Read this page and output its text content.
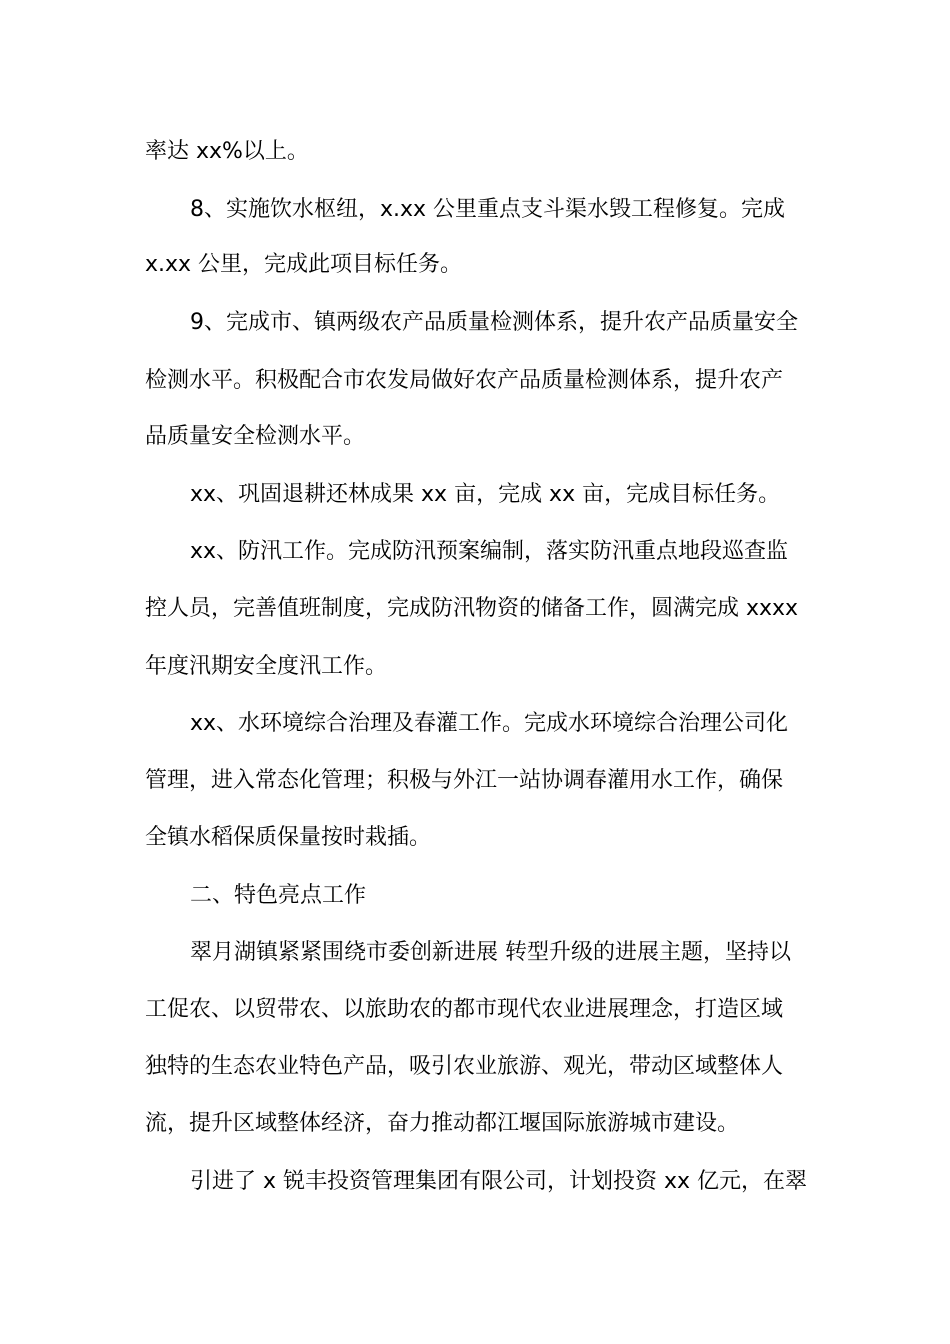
率达 xx%以上。
8、实施饮水枢纽，x.xx 公里重点支斗渠水毁工程修复。完成
x.xx 公里，完成此项目标任务。
9、完成市、镇两级农产品质量检测体系，提升农产品质量安全
检测水平。积极配合市农发局做好农产品质量检测体系，提升农产
品质量安全检测水平。
xx、巩固退耕还林成果 xx 亩，完成 xx 亩，完成目标任务。
xx、防汛工作。完成防汛预案编制，落实防汛重点地段巡查监
控人员，完善值班制度，完成防汛物资的储备工作，圆满完成 xxxx
年度汛期安全度汛工作。
xx、水环境综合治理及春灌工作。完成水环境综合治理公司化
管理，进入常态化管理；积极与外江一站协调春灌用水工作，确保
全镇水稻保质保量按时栽插。
二、特色亮点工作
翠月湖镇紧紧围绕市委创新进展 转型升级的进展主题，坚持以
工促农、以贸带农、以旅助农的都市现代农业进展理念，打造区域
独特的生态农业特色产品，吸引农业旅游、观光，带动区域整体人
流，提升区域整体经济，奋力推动都江堰国际旅游城市建设。
引进了 x 锐丰投资管理集团有限公司，计划投资 xx 亿元，在翠
